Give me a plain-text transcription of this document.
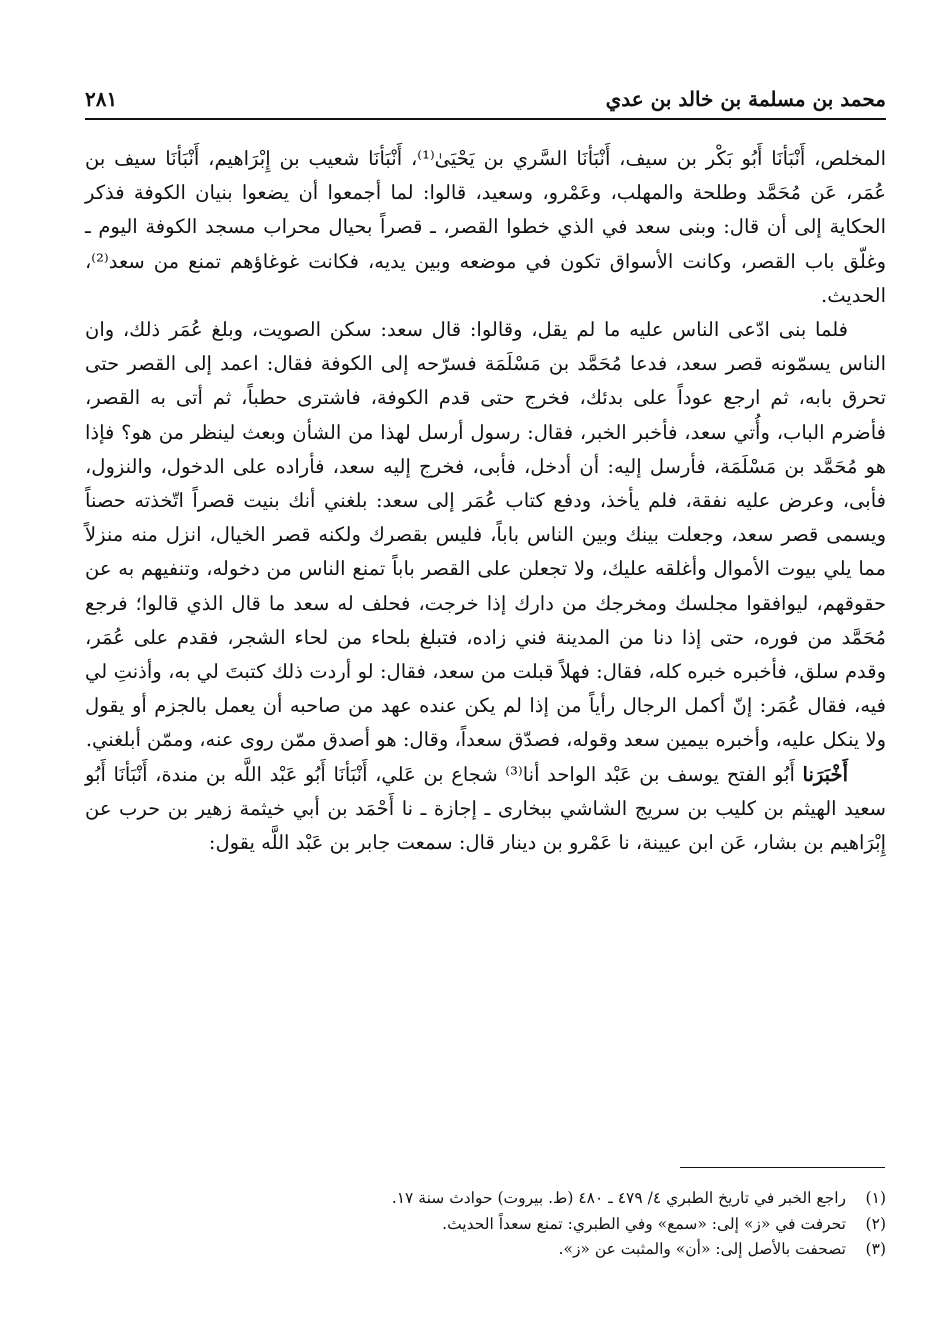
محمد بن مسلمة بن خالد بن عدي
٢٨١

المخلص، أَنْبَأنَا أَبُو بَكْر بن سيف، أَنْبَأنَا السَّري بن يَحْيَىٰ⁽¹⁾، أَنْبَأنَا شعيب بن إِبْرَاهيم، أَنْبَأنَا سيف بن عُمَر، عَن مُحَمَّد وطلحة والمهلب، وعَمْرو، وسعيد، قالوا: لما أجمعوا أن يضعوا بنيان الكوفة فذكر الحكاية إلى أن قال: وبنى سعد في الذي خطوا القصر، ـ قصراً بحيال محراب مسجد الكوفة اليوم ـ وغلّق باب القصر، وكانت الأسواق تكون في موضعه وبين يديه، فكانت غوغاؤهم تمنع من سعد⁽²⁾، الحديث.

فلما بنى ادّعى الناس عليه ما لم يقل، وقالوا: قال سعد: سكن الصويت، وبلغ عُمَر ذلك، وان الناس يسمّونه قصر سعد، فدعا مُحَمَّد بن مَسْلَمَة فسرّحه إلى الكوفة فقال: اعمد إلى القصر حتى تحرق بابه، ثم ارجع عوداً على بدئك، فخرج حتى قدم الكوفة، فاشترى حطباً، ثم أتى به القصر، فأضرم الباب، وأُتي سعد، فأخبر الخبر، فقال: رسول أرسل لهذا من الشأن وبعث لينظر من هو؟ فإذا هو مُحَمَّد بن مَسْلَمَة، فأرسل إليه: أن أدخل، فأبى، فخرج إليه سعد، فأراده على الدخول، والنزول، فأبى، وعرض عليه نفقة، فلم يأخذ، ودفع كتاب عُمَر إلى سعد: بلغني أنك بنيت قصراً اتّخذته حصناً ويسمى قصر سعد، وجعلت بينك وبين الناس باباً، فليس بقصرك ولكنه قصر الخيال، انزل منه منزلاً مما يلي بيوت الأموال وأغلقه عليك، ولا تجعلن على القصر باباً تمنع الناس من دخوله، وتنفيهم به عن حقوقهم، ليوافقوا مجلسك ومخرجك من دارك إذا خرجت، فحلف له سعد ما قال الذي قالوا؛ فرجع مُحَمَّد من فوره، حتى إذا دنا من المدينة فني زاده، فتبلغ بلحاء من لحاء الشجر، فقدم على عُمَر، وقدم سلق، فأخبره خبره كله، فقال: فهلاً قبلت من سعد، فقال: لو أردت ذلك كتبتَ لي به، وأذنتِ لي فيه، فقال عُمَر: إنّ أكمل الرجال رأياً من إذا لم يكن عنده عهد من صاحبه أن يعمل بالجزم أو يقول ولا ينكل عليه، وأخبره بيمين سعد وقوله، فصدّق سعداً، وقال: هو أصدق ممّن روى عنه، وممّن أبلغني.

أَخْبَرَنا أَبُو الفتح يوسف بن عَبْد الواحد أنا⁽³⁾ شجاع بن عَلي، أَنْبَأنَا أَبُو عَبْد اللَّه بن مندة، أَنْبَأنَا أَبُو سعيد الهيثم بن كليب بن سريج الشاشي ببخارى ـ إجازة ـ نا أَحْمَد بن أبي خيثمة زهير بن حرب عن إِبْرَاهيم بن بشار، عَن ابن عيينة، نا عَمْرو بن دينار قال: سمعت جابر بن عَبْد اللَّه يقول:

(١)
راجع الخبر في تاريخ الطبري ٤/ ٤٧٩ ـ ٤٨٠ (ط. بيروت) حوادث سنة ١٧.
(٢)
تحرفت في «ز» إلى: «سمع» وفي الطبري: تمنع سعداً الحديث.
(٣)
تصحفت بالأصل إلى: «أن» والمثبت عن «ز».
